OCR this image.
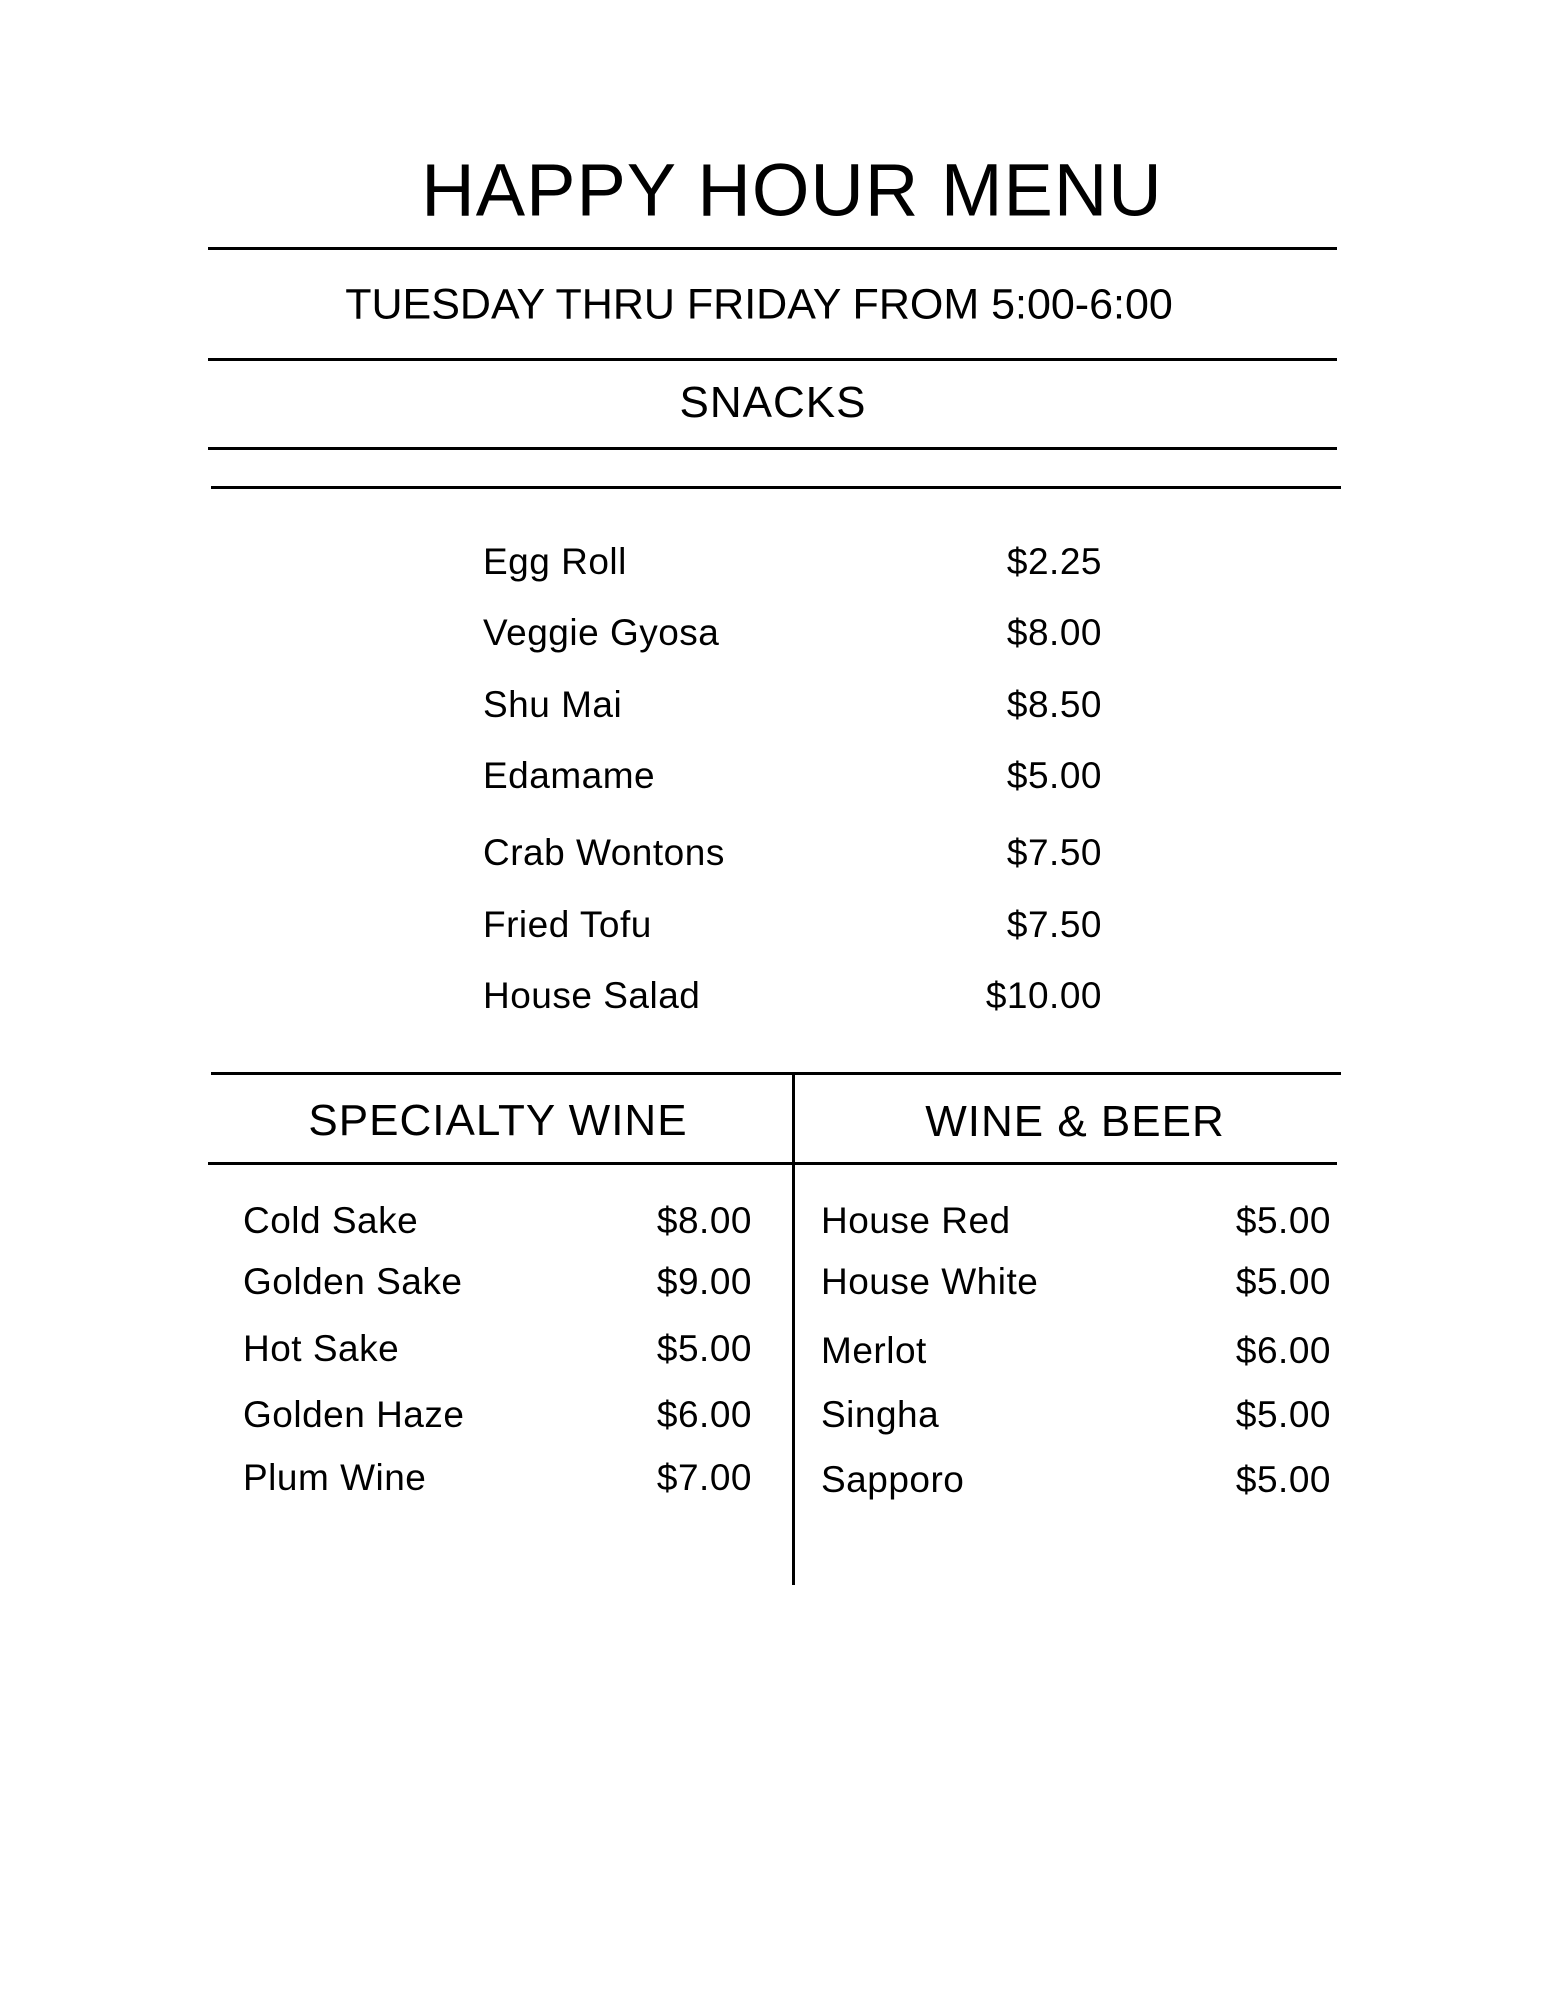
HAPPY HOUR MENU
TUESDAY THRU FRIDAY FROM 5:00-6:00
SNACKS
Egg Roll	$2.25
Veggie Gyosa	$8.00
Shu Mai	$8.50
Edamame	$5.00
Crab Wontons	$7.50
Fried Tofu	$7.50
House Salad	$10.00
SPECIALTY WINE	WINE & BEER
Cold Sake	$8.00
Golden Sake	$9.00
Hot Sake	$5.00
Golden Haze	$6.00
Plum Wine	$7.00
House Red	$5.00
House White	$5.00
Merlot	$6.00
Singha	$5.00
Sapporo	$5.00
